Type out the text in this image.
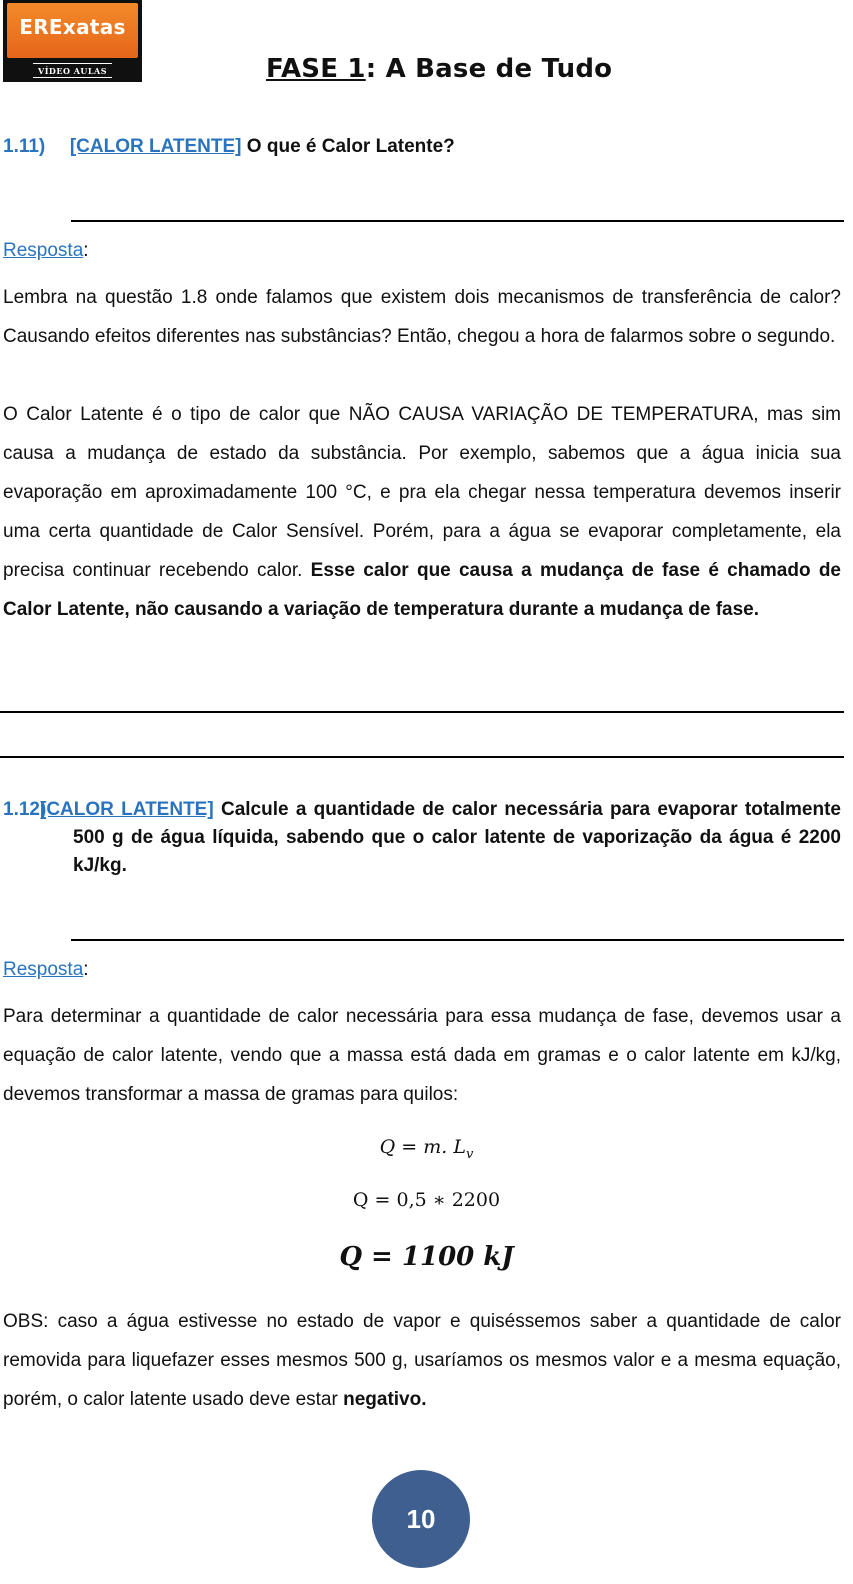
ERExatas
VÍDEO AULAS	FASE 1: A Base de Tudo
1.11) [CALOR LATENTE] O que é Calor Latente?
Resposta:
Lembra na questão 1.8 onde falamos que existem dois mecanismos de transferência de calor? Causando efeitos diferentes nas substâncias? Então, chegou a hora de falarmos sobre o segundo.
O Calor Latente é o tipo de calor que NÃO CAUSA VARIAÇÃO DE TEMPERATURA, mas sim causa a mudança de estado da substância. Por exemplo, sabemos que a água inicia sua evaporação em aproximadamente 100 °C, e pra ela chegar nessa temperatura devemos inserir uma certa quantidade de Calor Sensível. Porém, para a água se evaporar completamente, ela precisa continuar recebendo calor. Esse calor que causa a mudança de fase é chamado de Calor Latente, não causando a variação de temperatura durante a mudança de fase.
1.12)
[CALOR LATENTE] Calcule a quantidade de calor necessária para evaporar totalmente 500 g de água líquida, sabendo que o calor latente de vaporização da água é 2200 kJ/kg.
Resposta:
Para determinar a quantidade de calor necessária para essa mudança de fase, devemos usar a equação de calor latente, vendo que a massa está dada em gramas e o calor latente em kJ/kg, devemos transformar a massa de gramas para quilos:
Q = m. $L_v$
Q = 0,5 ∗ 2200
Q = 1100 kJ
OBS: caso a água estivesse no estado de vapor e quiséssemos saber a quantidade de calor removida para liquefazer esses mesmos 500 g, usaríamos os mesmos valor e a mesma equação, porém, o calor latente usado deve estar negativo.
10
